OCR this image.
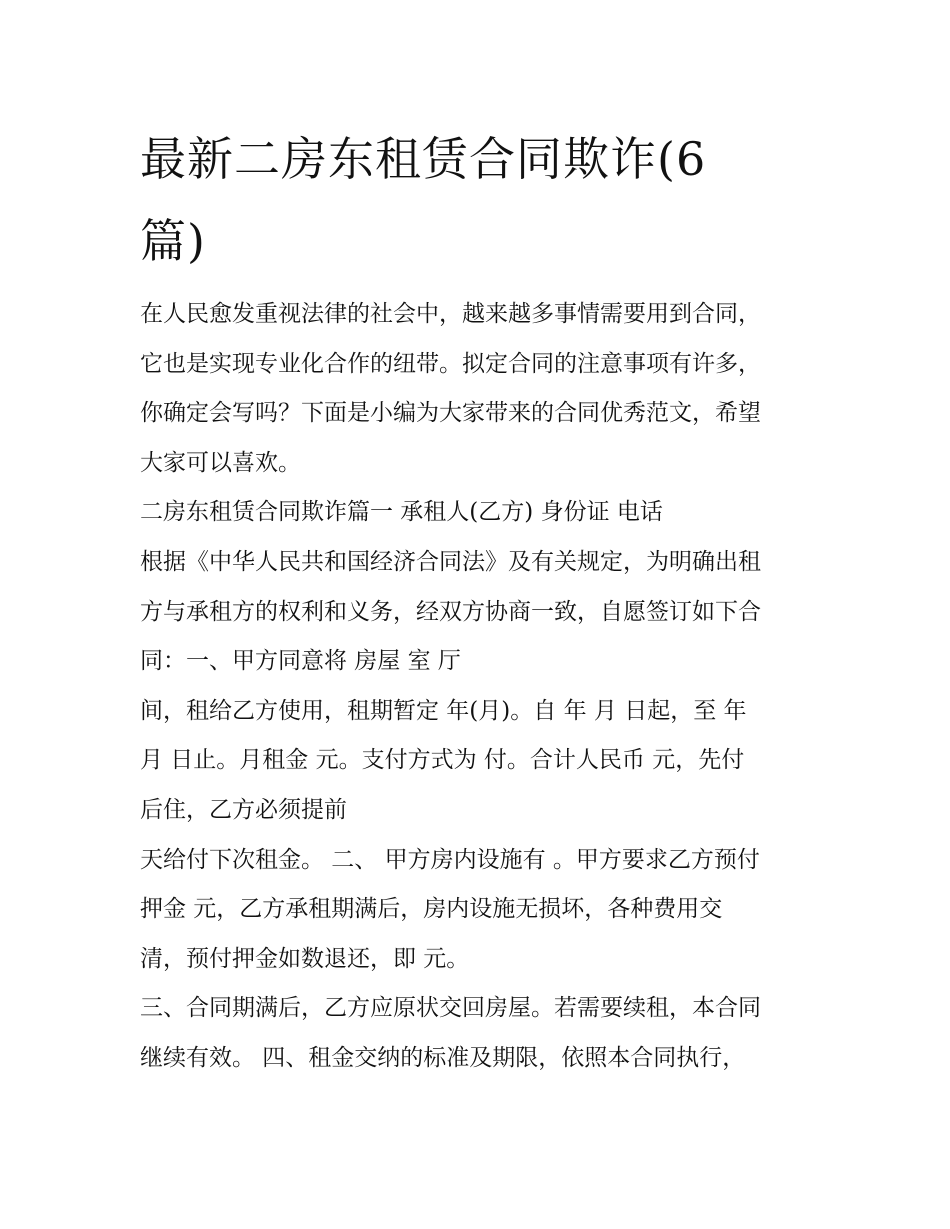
最新二房东租赁合同欺诈(6
篇)
在人民愈发重视法律的社会中，越来越多事情需要用到合同，
它也是实现专业化合作的纽带。拟定合同的注意事项有许多，
你确定会写吗？下面是小编为大家带来的合同优秀范文，希望
大家可以喜欢。
二房东租赁合同欺诈篇一 承租人(乙方) 身份证 电话
根据《中华人民共和国经济合同法》及有关规定，为明确出租
方与承租方的权利和义务，经双方协商一致，自愿签订如下合
同：一、甲方同意将 房屋 室 厅
间，租给乙方使用，租期暂定 年(月)。自 年 月 日起，至 年
月 日止。月租金 元。支付方式为 付。合计人民币 元，先付
后住，乙方必须提前
天给付下次租金。 二、 甲方房内设施有 。甲方要求乙方预付
押金 元，乙方承租期满后，房内设施无损坏，各种费用交
清，预付押金如数退还，即 元。
三、合同期满后，乙方应原状交回房屋。若需要续租，本合同
继续有效。 四、租金交纳的标准及期限，依照本合同执行，
